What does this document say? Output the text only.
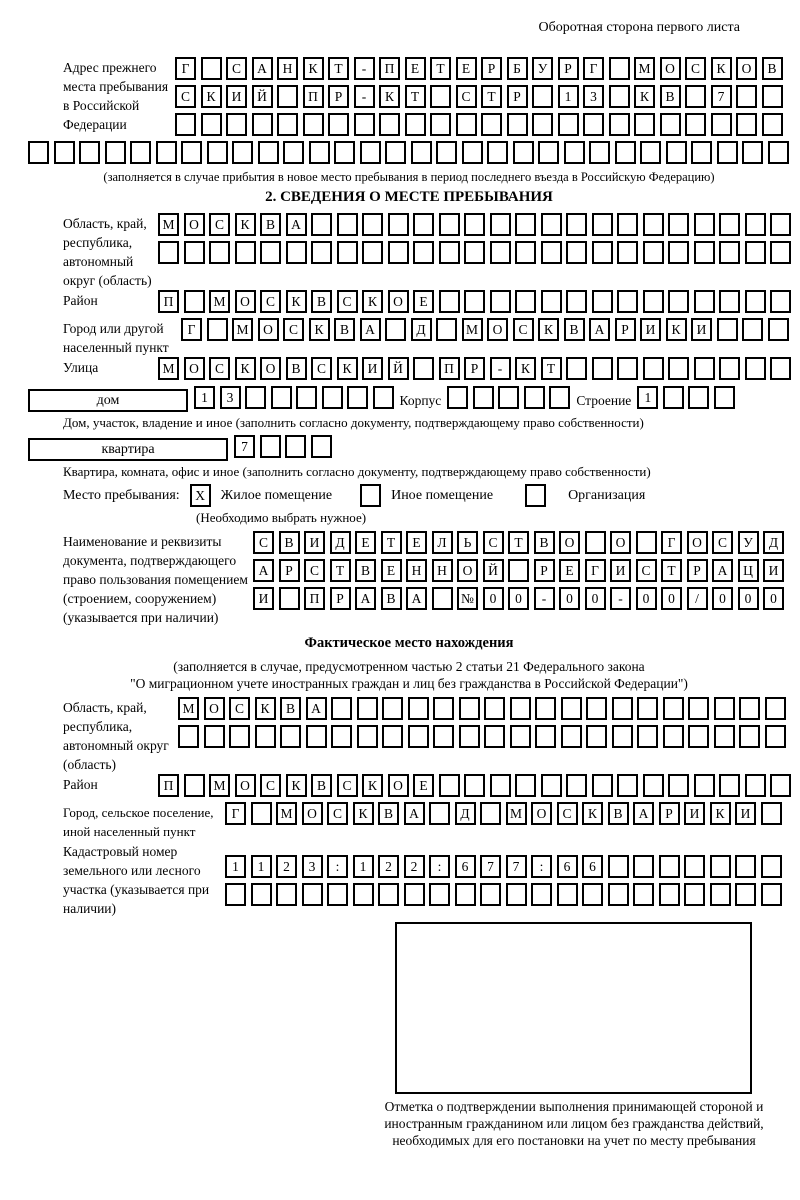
Оборотная сторона первого листа
Адрес прежнего места пребывания в Российской Федерации
Г	С	А	Н	К	Т	-	П	Е	Т	Е	Р	Б	У	Р	Г	М	О	С	К	О	В
С	К	И	Й	П	Р	-	К	Т	С	Т	Р	1	3	К	В	7
(заполняется в случае прибытия в новое место пребывания в период последнего въезда в Российскую Федерацию)
2. СВЕДЕНИЯ О МЕСТЕ ПРЕБЫВАНИЯ
Область, край, республика, автономный округ (область)
М	О	С	К	В	А
Район	П	М	О	С	К	В	С	К	О	Е
Город или другой населенный пункт
Г	М	О	С	К	В	А	Д	М	О	С	К	В	А	Р	И	К	И
Улица	М	О	С	К	О	В	С	К	И	Й	П	Р	-	К	Т
дом	1	3	Корпус	Строение 1
Дом, участок, владение и иное (заполнить согласно документу, подтверждающему право собственности)
квартира	7
Квартира, комната, офис и иное (заполнить согласно документу, подтверждающему право собственности)
Место пребывания:	X	Жилое помещение	Иное помещение	Организация
(Необходимо выбрать нужное)
Наименование и реквизиты документа, подтверждающего право пользования помещением (строением, сооружением) (указывается при наличии)
С	В	И	Д	Е	Т	Е	Л	Ь	С	Т	В	О	О	Г	О	С	У	Д
А	Р	С	Т	В	Е	Н	Н	О	Й	Р	Е	Г	И	С	Т	Р	А	Ц	И
И	П	Р	А	В	А	№	0	0	-	0	0	-	0	0	/	0	0	0
Фактическое место нахождения
(заполняется в случае, предусмотренном частью 2 статьи 21 Федерального закона
"О миграционном учете иностранных граждан и лиц без гражданства в Российской Федерации")
Область, край, республика, автономный округ (область)
М	О	С	К	В	А
Район	П	М	О	С	К	В	С	К	О	Е
Город, сельское поселение, иной населенный пункт
Г	М	О	С	К	В	А	Д	М	О	С	К	В	А	Р	И	К	И
Кадастровый номер земельного или лесного участка (указывается при наличии)
1	1	2	3	:	1	2	2	:	6	7	7	:	6	6
Отметка о подтверждении выполнения принимающей стороной и иностранным гражданином или лицом без гражданства действий, необходимых для его постановки на учет по месту пребывания
